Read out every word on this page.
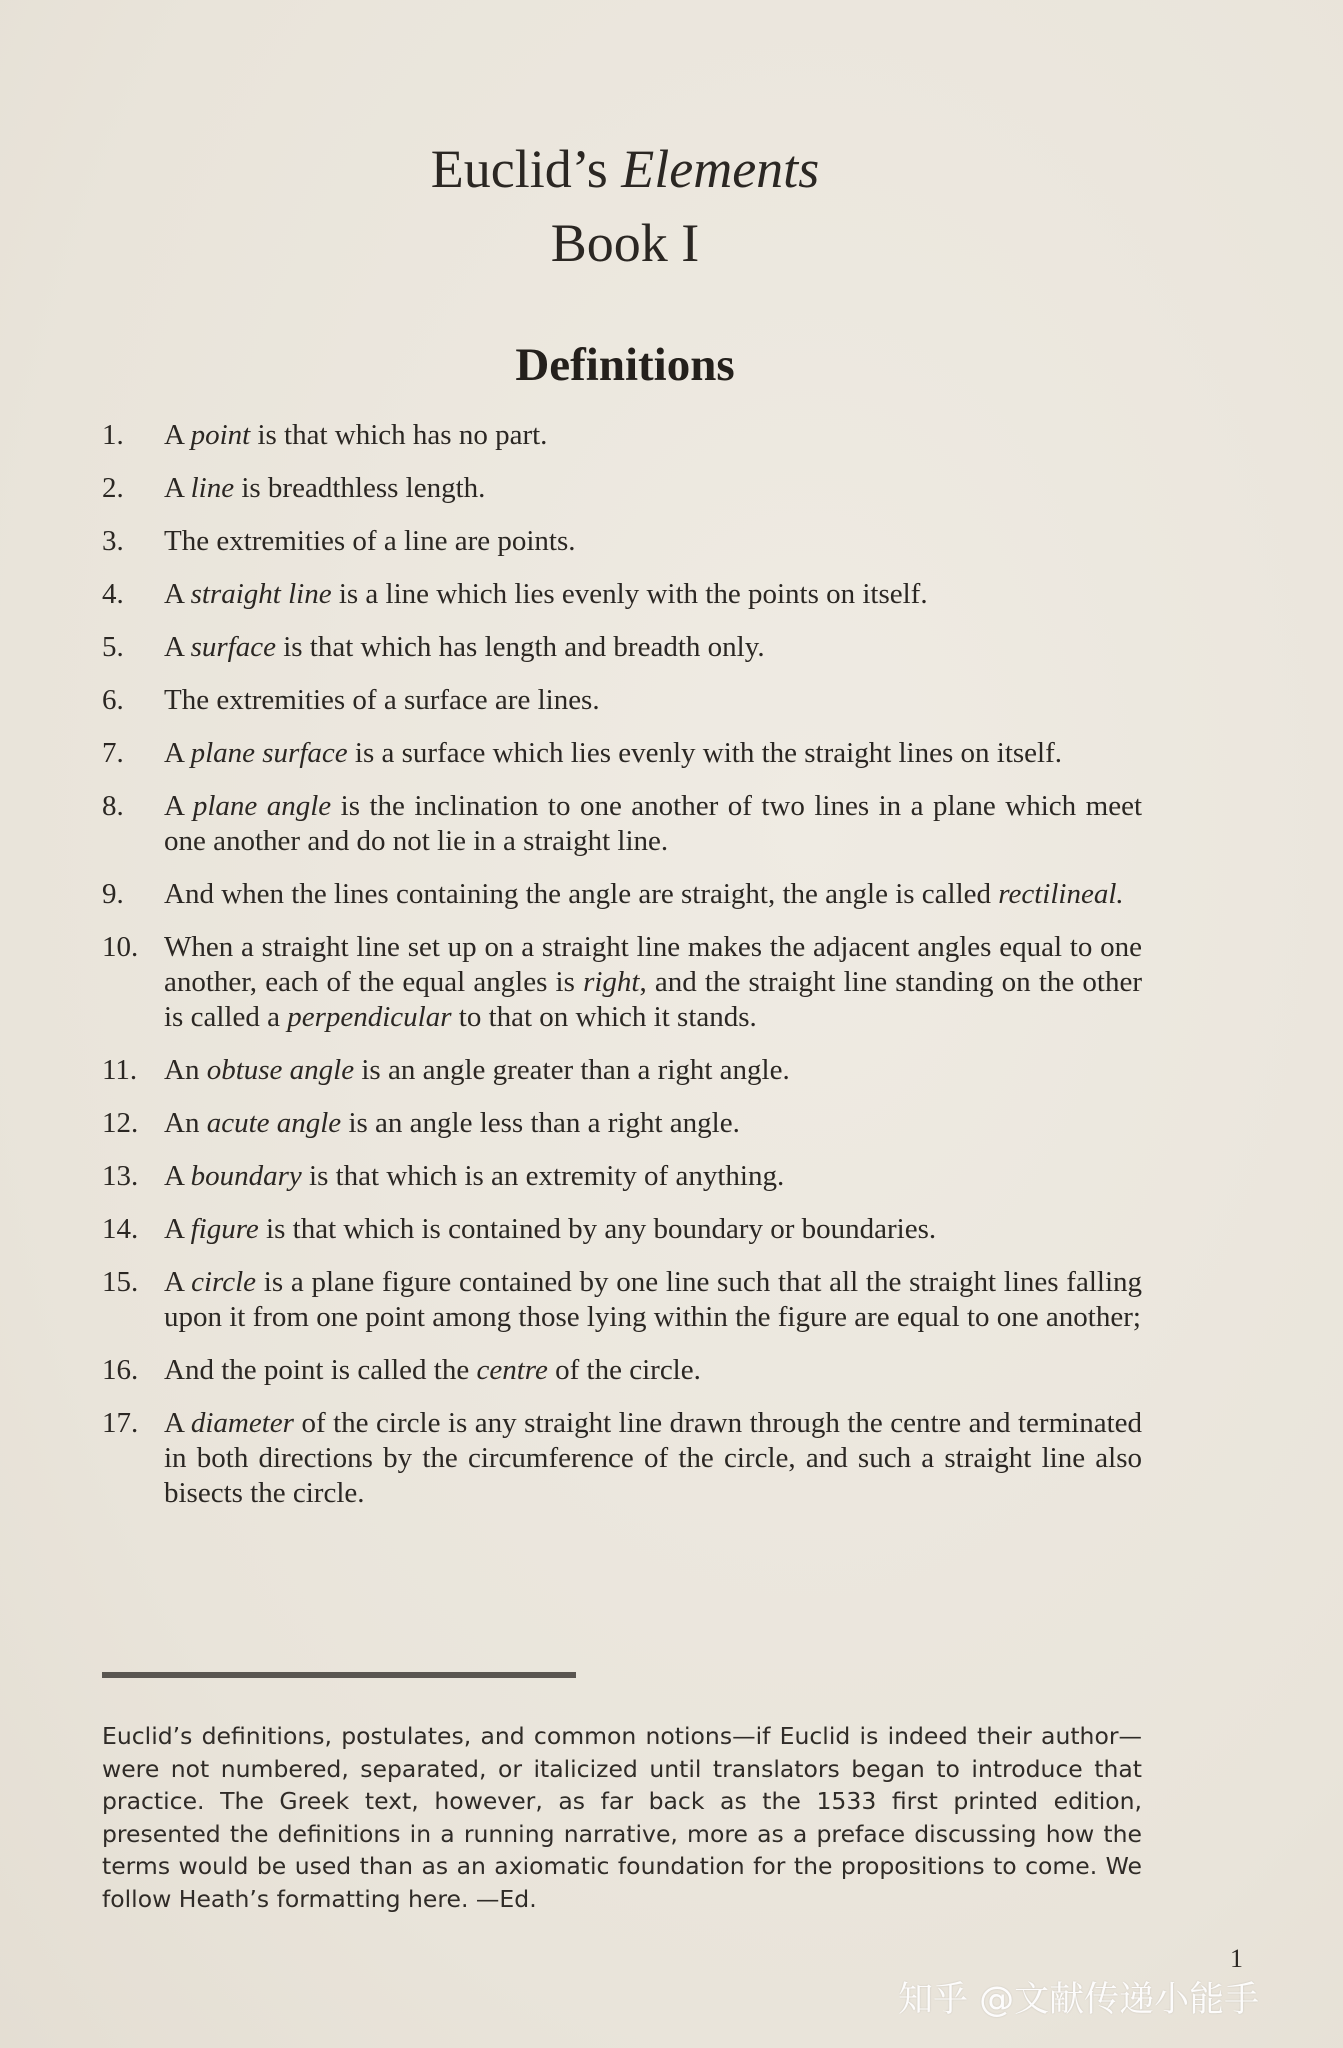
Euclid’s Elements
Book I
Definitions
1.	A point is that which has no part.
2.	A line is breadthless length.
3.	The extremities of a line are points.
4.	A straight line is a line which lies evenly with the points on itself.
5.	A surface is that which has length and breadth only.
6.	The extremities of a surface are lines.
7.	A plane surface is a surface which lies evenly with the straight lines on itself.
8.	A plane angle is the inclination to one another of two lines in a plane which meet one another and do not lie in a straight line.
9.	And when the lines containing the angle are straight, the angle is called rectilineal.
10. When a straight line set up on a straight line makes the adjacent angles equal to one another, each of the equal angles is right, and the straight line standing on the other is called a perpendicular to that on which it stands.
11. An obtuse angle is an angle greater than a right angle.
12. An acute angle is an angle less than a right angle.
13. A boundary is that which is an extremity of anything.
14. A figure is that which is contained by any boundary or boundaries.
15. A circle is a plane figure contained by one line such that all the straight lines falling upon it from one point among those lying within the figure are equal to one another;
16. And the point is called the centre of the circle.
17. A diameter of the circle is any straight line drawn through the centre and terminated in both directions by the circumference of the circle, and such a straight line also bisects the circle.
Euclid’s definitions, postulates, and common notions—if Euclid is indeed their author—were not numbered, separated, or italicized until translators began to introduce that practice. The Greek text, however, as far back as the 1533 first printed edition, presented the definitions in a running narrative, more as a preface discussing how the terms would be used than as an axiomatic foundation for the propositions to come. We follow Heath’s formatting here. —Ed.
1
知乎 @文献传递小能手
